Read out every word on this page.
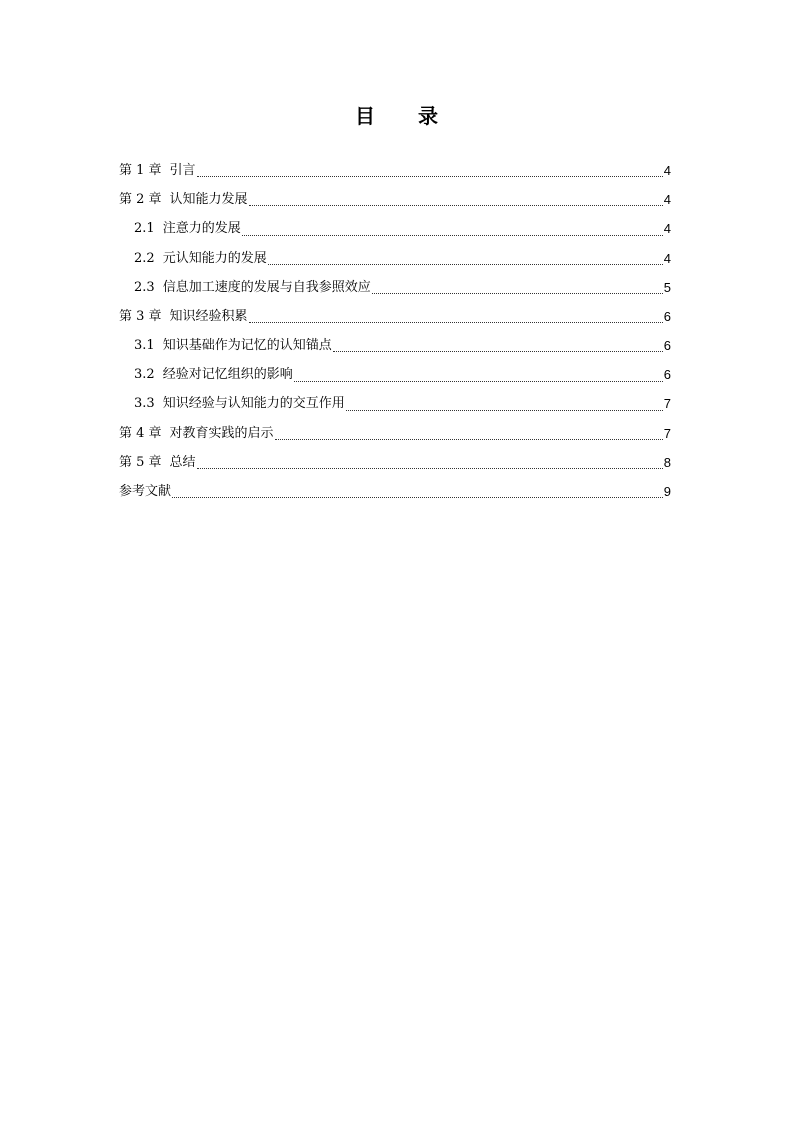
目 录
第 1 章 引言	4
第 2 章 认知能力发展	4
2.1 注意力的发展	4
2.2 元认知能力的发展	4
2.3 信息加工速度的发展与自我参照效应	5
第 3 章 知识经验积累	6
3.1 知识基础作为记忆的认知锚点	6
3.2 经验对记忆组织的影响	6
3.3 知识经验与认知能力的交互作用	7
第 4 章 对教育实践的启示	7
第 5 章 总结	8
参考文献	9
